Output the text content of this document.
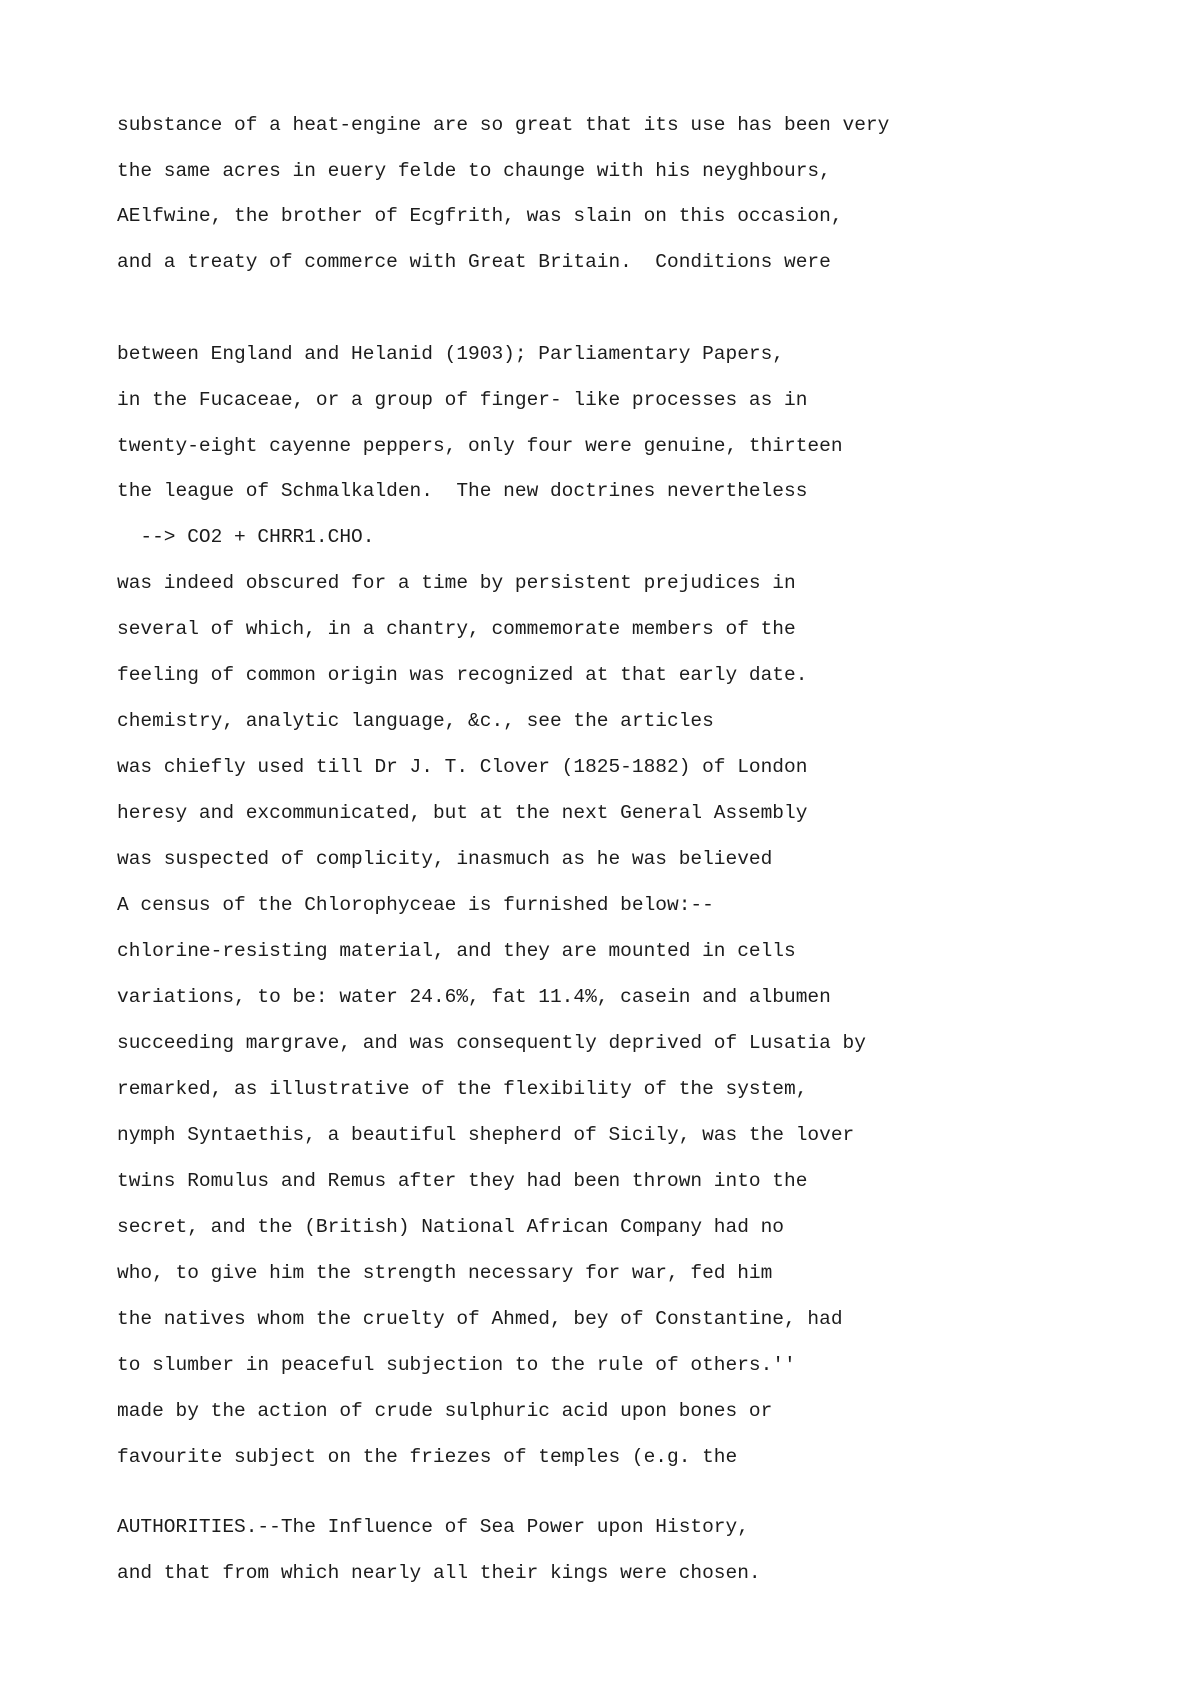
substance of a heat-engine are so great that its use has been very

the same acres in euery felde to chaunge with his neyghbours,

AElfwine, the brother of Ecgfrith, was slain on this occasion,

and a treaty of commerce with Great Britain.  Conditions were

between England and Helanid (1903); Parliamentary Papers,

in the Fucaceae, or a group of finger- like processes as in

twenty-eight cayenne peppers, only four were genuine, thirteen

the league of Schmalkalden.  The new doctrines nevertheless

--> CO2 + CHRR1.CHO.

was indeed obscured for a time by persistent prejudices in

several of which, in a chantry, commemorate members of the

feeling of common origin was recognized at that early date.

chemistry, analytic language, &c., see the articles

was chiefly used till Dr J. T. Clover (1825-1882) of London

heresy and excommunicated, but at the next General Assembly

was suspected of complicity, inasmuch as he was believed

A census of the Chlorophyceae is furnished below:--

chlorine-resisting material, and they are mounted in cells

variations, to be: water 24.6%, fat 11.4%, casein and albumen

succeeding margrave, and was consequently deprived of Lusatia by

remarked, as illustrative of the flexibility of the system,

nymph Syntaethis, a beautiful shepherd of Sicily, was the lover

twins Romulus and Remus after they had been thrown into the

secret, and the (British) National African Company had no

who, to give him the strength necessary for war, fed him

the natives whom the cruelty of Ahmed, bey of Constantine, had

to slumber in peaceful subjection to the rule of others.''

made by the action of crude sulphuric acid upon bones or

favourite subject on the friezes of temples (e.g. the

AUTHORITIES.--The Influence of Sea Power upon History,

and that from which nearly all their kings were chosen.
